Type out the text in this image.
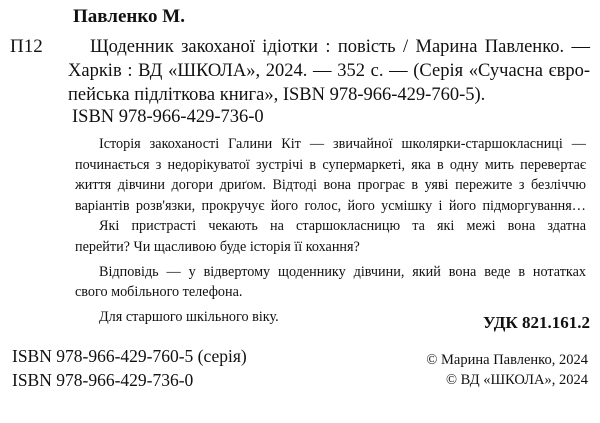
Павленко М.
П12	Щоденник закоханої ідіотки : повість / Марина Павленко. —
Харків : ВД «ШКОЛА», 2024. — 352 с. — (Серія «Сучасна євро-
пейська підліткова книга», ISBN 978-966-429-760-5).
ISBN 978-966-429-736-0
Історія закоханості Галини Кіт — звичайної школярки-старшокласниці —
починається з недорікуватої зустрічі в супермаркеті, яка в одну мить перевертає
життя дівчини догори дриґом. Відтоді вона програє в уяві пережите з безліччю
варіантів розв'язки, прокручує його голос, його усмішку і його підморгування…
Які пристрасті чекають на старшокласницю та які межі вона здатна
перейти? Чи щасливою буде історія її кохання?
Відповідь — у відвертому щоденнику дівчини, який вона веде в нотатках
свого мобільного телефона.
Для старшого шкільного віку.	УДК 821.161.2
ISBN 978-966-429-760-5 (серія)
ISBN 978-966-429-736-0
© Марина Павленко, 2024
© ВД «ШКОЛА», 2024
